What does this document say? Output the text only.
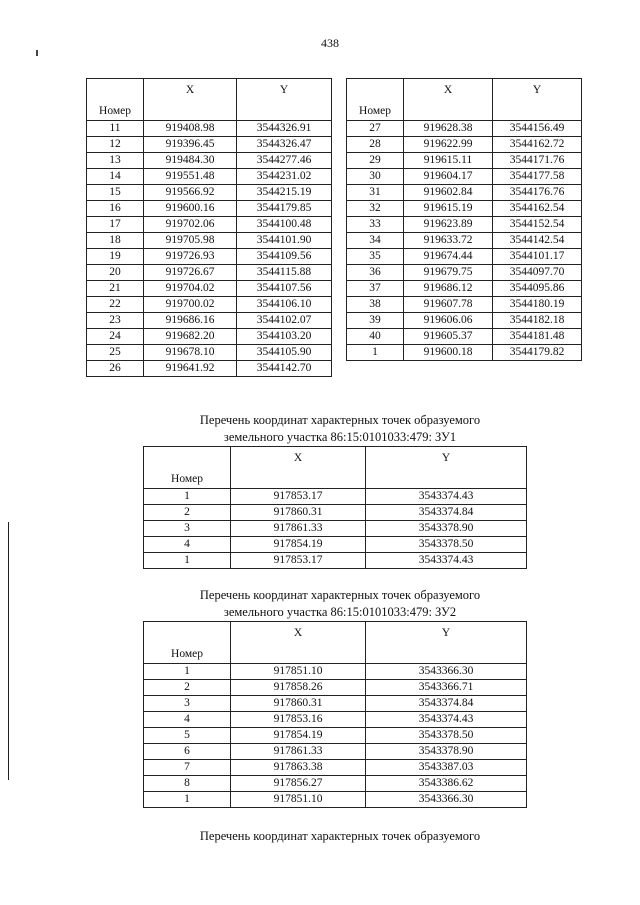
438
Номер	X	Y
11	919408.98	3544326.91
12	919396.45	3544326.47
13	919484.30	3544277.46
14	919551.48	3544231.02
15	919566.92	3544215.19
16	919600.16	3544179.85
17	919702.06	3544100.48
18	919705.98	3544101.90
19	919726.93	3544109.56
20	919726.67	3544115.88
21	919704.02	3544107.56
22	919700.02	3544106.10
23	919686.16	3544102.07
24	919682.20	3544103.20
25	919678.10	3544105.90
26	919641.92	3544142.70
Номер	X	Y
27	919628.38	3544156.49
28	919622.99	3544162.72
29	919615.11	3544171.76
30	919604.17	3544177.58
31	919602.84	3544176.76
32	919615.19	3544162.54
33	919623.89	3544152.54
34	919633.72	3544142.54
35	919674.44	3544101.17
36	919679.75	3544097.70
37	919686.12	3544095.86
38	919607.78	3544180.19
39	919606.06	3544182.18
40	919605.37	3544181.48
1	919600.18	3544179.82
Перечень координат характерных точек образуемого
земельного участка 86:15:0101033:479: ЗУ1
Номер	X	Y
1	917853.17	3543374.43
2	917860.31	3543374.84
3	917861.33	3543378.90
4	917854.19	3543378.50
1	917853.17	3543374.43
Перечень координат характерных точек образуемого
земельного участка 86:15:0101033:479: ЗУ2
Номер	X	Y
1	917851.10	3543366.30
2	917858.26	3543366.71
3	917860.31	3543374.84
4	917853.16	3543374.43
5	917854.19	3543378.50
6	917861.33	3543378.90
7	917863.38	3543387.03
8	917856.27	3543386.62
1	917851.10	3543366.30
Перечень координат характерных точек образуемого
